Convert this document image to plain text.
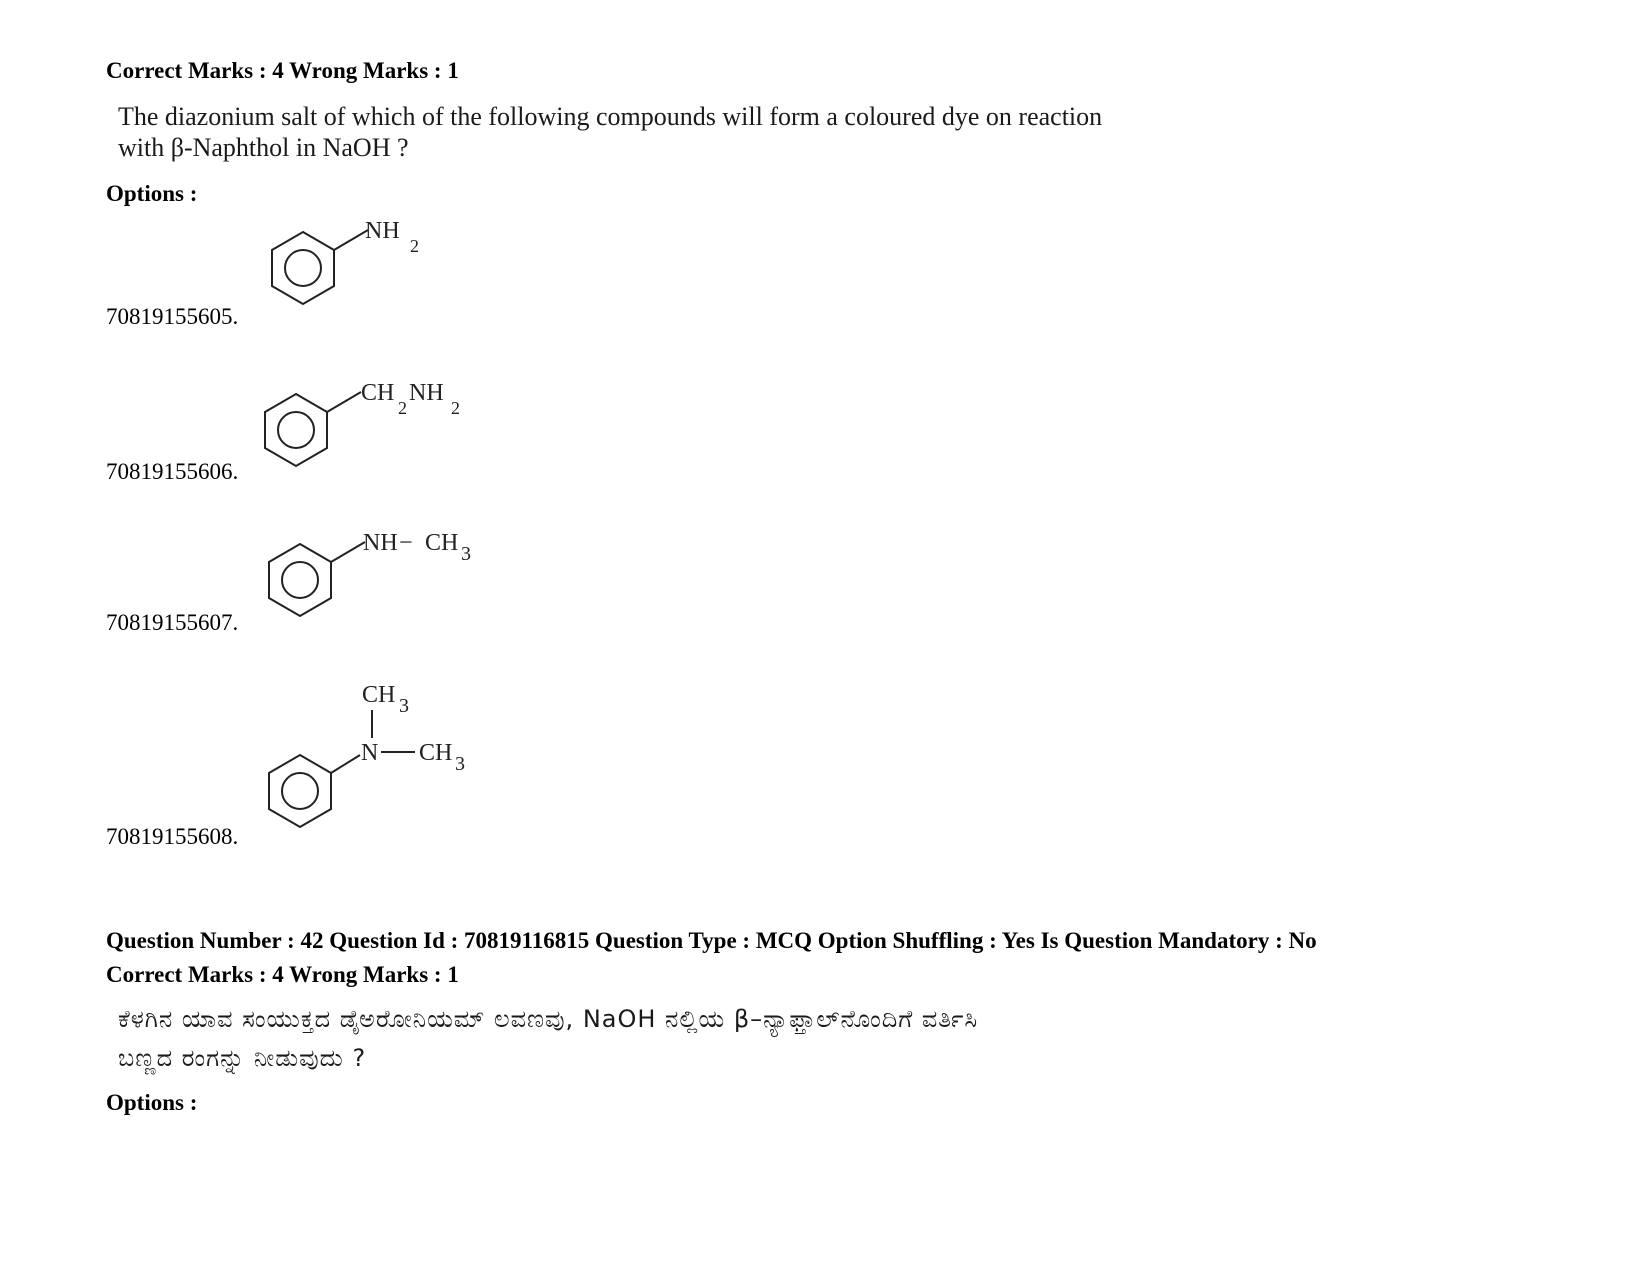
Correct Marks : 4 Wrong Marks : 1
The diazonium salt of which of the following compounds will form a coloured dye on reaction
with β-Naphthol in NaOH ?
Options :
70819155605.
NH
2
70819155606.
CH
2
NH
2
70819155607.
NH − CH 3
70819155608.
CH 3
N CH 3
Question Number : 42 Question Id : 70819116815 Question Type : MCQ Option Shuffling : Yes Is Question Mandatory : No
Correct Marks : 4 Wrong Marks : 1
ಕೆಳಗಿನ ಯಾವ ಸಂಯುಕ್ತದ ಡೈಅರೋನಿಯಮ್ ಲವಣವು, NaOH ನಲ್ಲಿಯ β–ನ್ಯಾಫ್ತಾಲ್‌ನೊಂದಿಗೆ ವರ್ತಿಸಿ
ಬಣ್ಣದ ರಂಗನ್ನು ನೀಡುವುದು ?
Options :
